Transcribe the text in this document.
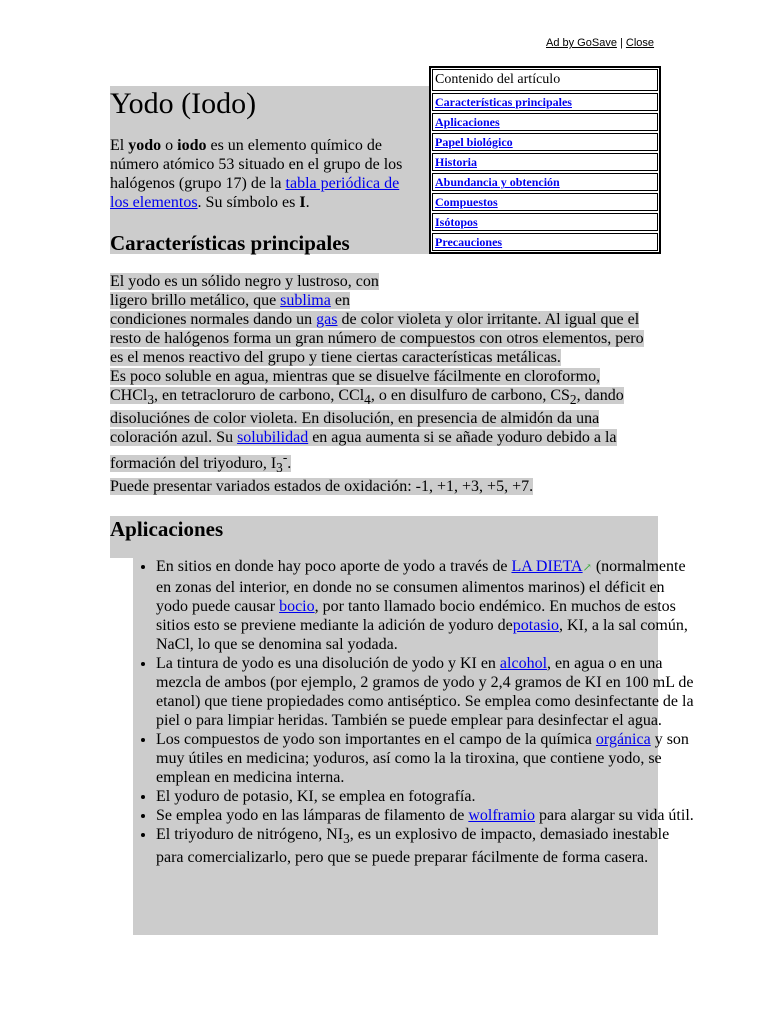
Ad by GoSave | Close
Yodo (Iodo)

El yodo o iodo es un elemento químico de número atómico 53 situado en el grupo de los halógenos (grupo 17) de la tabla periódica de los elementos. Su símbolo es I.

Contenido del artículo
Características principales
Aplicaciones
Papel biológico
Historia
Abundancia y obtención
Compuestos
Isótopos
Precauciones
Características principales

El yodo es un sólido negro y lustroso, con
ligero brillo metálico, que sublima en
condiciones normales dando un gas de color violeta y olor irritante. Al igual que el resto de halógenos forma un gran número de compuestos con otros elementos, pero es el menos reactivo del grupo y tiene ciertas características metálicas.
Es poco soluble en agua, mientras que se disuelve fácilmente en cloroformo, CHCl$_3$, en tetracloruro de carbono, CCl$_4$, o en disulfuro de carbono, $CS_2$, dando disoluciónes de color violeta. En disolución, en presencia de almidón da una coloración azul. Su solubilidad en agua aumenta si se añade yoduro debido a la formación del triyoduro, $I_3^-$.
Puede presentar variados estados de oxidación: -1, +1, +3, +5, +7.

Aplicaciones
• En sitios en donde hay poco aporte de yodo a través de LA DIETA↗ (normalmente en zonas del interior, en donde no se consumen alimentos marinos) el déficit en yodo puede causar bocio, por tanto llamado bocio endémico. En muchos de estos sitios esto se previene mediante la adición de yoduro depotasio, KI, a la sal común, NaCl, lo que se denomina sal yodada.
• La tintura de yodo es una disolución de yodo y KI en alcohol, en agua o en una mezcla de ambos (por ejemplo, 2 gramos de yodo y 2,4 gramos de KI en 100 mL de etanol) que tiene propiedades como antiséptico. Se emplea como desinfectante de la piel o para limpiar heridas. También se puede emplear para desinfectar el agua.
• Los compuestos de yodo son importantes en el campo de la química orgánica y son muy útiles en medicina; yoduros, así como la la tiroxina, que contiene yodo, se emplean en medicina interna.
• El yoduro de potasio, KI, se emplea en fotografía.
• Se emplea yodo en las lámparas de filamento de wolframio para alargar su vida útil.
• El triyoduro de nitrógeno, $NI_3$, es un explosivo de impacto, demasiado inestable para comercializarlo, pero que se puede preparar fácilmente de forma casera.
